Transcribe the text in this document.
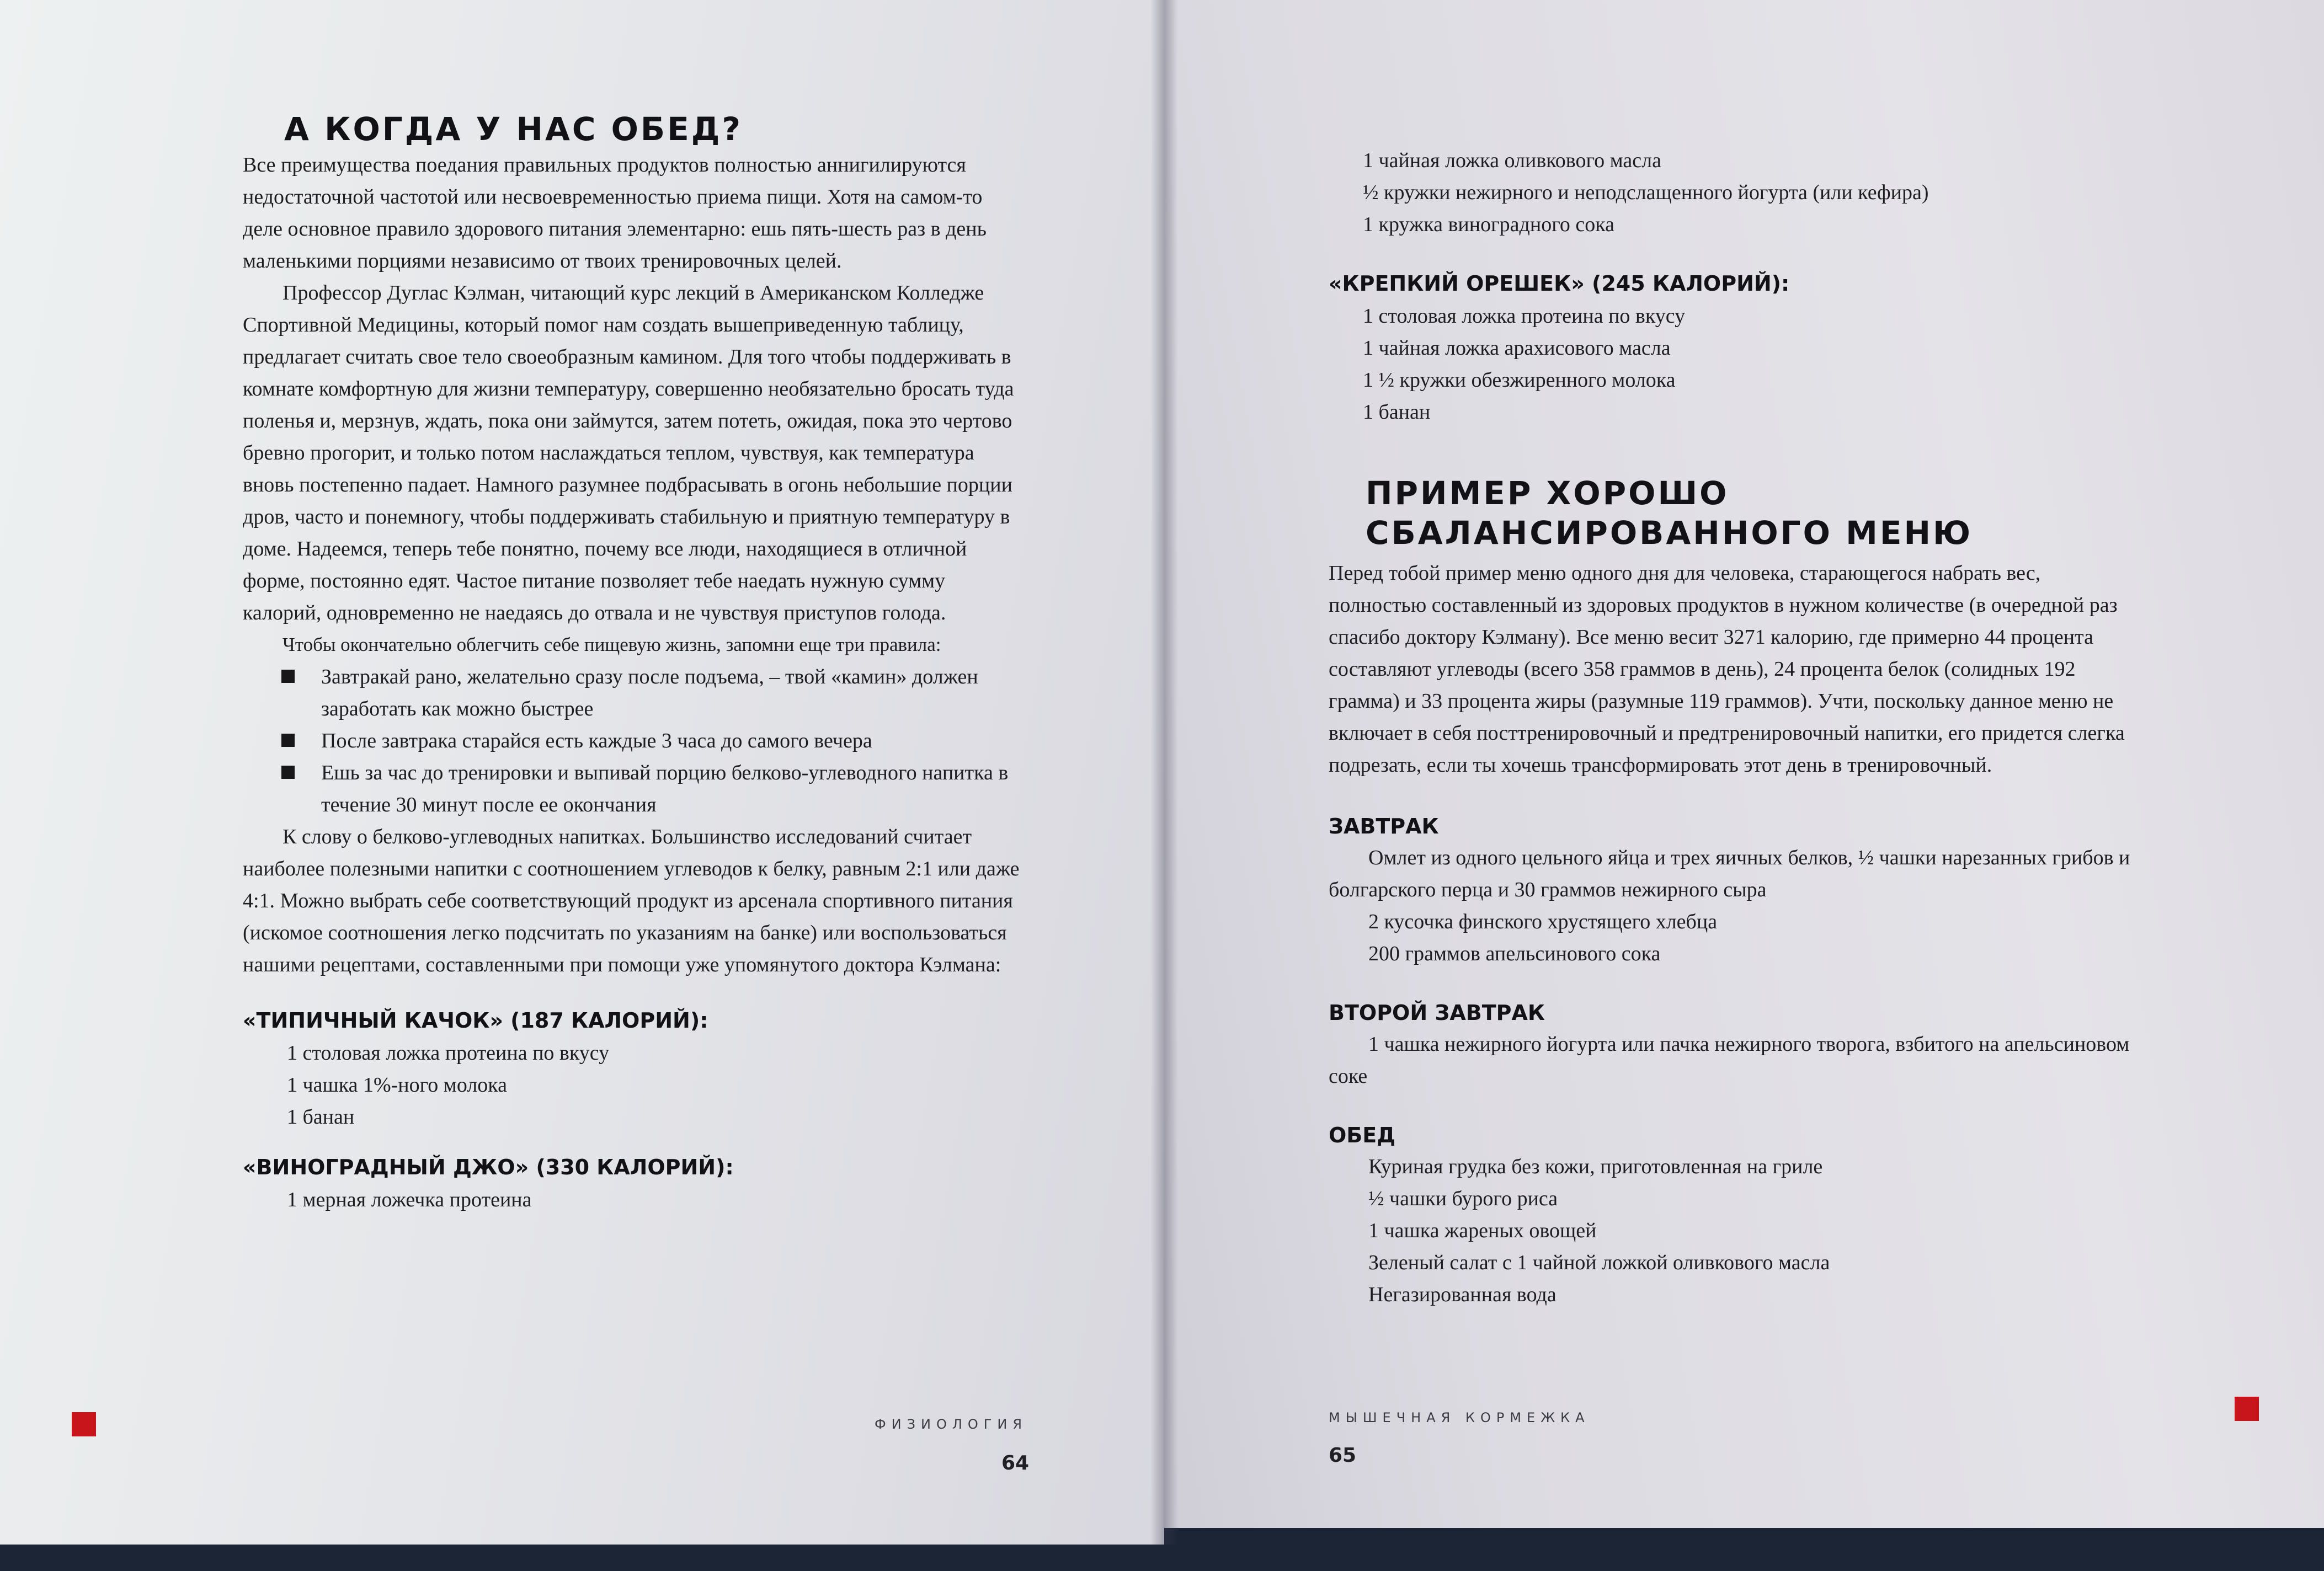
А КОГДА У НАС ОБЕД?

Все преимущества поедания правильных продуктов полностью аннигилируются недостаточной частотой или несвоевременностью приема пищи. Хотя на самом-то деле основное правило здорового питания элементарно: ешь пять-шесть раз в день маленькими порциями независимо от твоих тренировочных целей.

Профессор Дуглас Кэлман, читающий курс лекций в Американском Колледже Спортивной Медицины, который помог нам создать вышеприведенную таблицу, предлагает считать свое тело своеобразным камином. Для того чтобы поддерживать в комнате комфортную для жизни температуру, совершенно необязательно бросать туда поленья и, мерзнув, ждать, пока они займутся, затем потеть, ожидая, пока это чертово бревно прогорит, и только потом наслаждаться теплом, чувствуя, как температура вновь постепенно падает. Намного разумнее подбрасывать в огонь небольшие порции дров, часто и понемногу, чтобы поддерживать стабильную и приятную температуру в доме. Надеемся, теперь тебе понятно, почему все люди, находящиеся в отличной форме, постоянно едят. Частое питание позволяет тебе наедать нужную сумму калорий, одновременно не наедаясь до отвала и не чувствуя приступов голода.

Чтобы окончательно облегчить себе пищевую жизнь, запомни еще три правила:

Завтракай рано, желательно сразу после подъема, – твой «камин» должен заработать как можно быстрее
После завтрака старайся есть каждые 3 часа до самого вечера
Ешь за час до тренировки и выпивай порцию белково-углеводного напитка в течение 30 минут после ее окончания

К слову о белково-углеводных напитках. Большинство исследований считает наиболее полезными напитки с соотношением углеводов к белку, равным 2:1 или даже 4:1. Можно выбрать себе соответствующий продукт из арсенала спортивного питания (искомое соотношения легко подсчитать по указаниям на банке) или воспользоваться нашими рецептами, составленными при помощи уже упомянутого доктора Кэлмана:

«ТИПИЧНЫЙ КАЧОК» (187 КАЛОРИЙ):

1 столовая ложка протеина по вкусу

1 чашка 1%-ного молока

1 банан

«ВИНОГРАДНЫЙ ДЖО» (330 КАЛОРИЙ):

1 мерная ложечка протеина

ФИЗИОЛОГИЯ
64

1 чайная ложка оливкового масла

½ кружки нежирного и неподслащенного йогурта (или кефира)

1 кружка виноградного сока

«КРЕПКИЙ ОРЕШЕК» (245 КАЛОРИЙ):

1 столовая ложка протеина по вкусу

1 чайная ложка арахисового масла

1 ½ кружки обезжиренного молока

1 банан

ПРИМЕР ХОРОШО
СБАЛАНСИРОВАННОГО МЕНЮ

Перед тобой пример меню одного дня для человека, старающегося набрать вес, полностью составленный из здоровых продуктов в нужном количестве (в очередной раз спасибо доктору Кэлману). Все меню весит 3271 калорию, где примерно 44 процента составляют углеводы (всего 358 граммов в день), 24 процента белок (солидных 192 грамма) и 33 процента жиры (разумные 119 граммов). Учти, поскольку данное меню не включает в себя посттренировочный и предтренировочный напитки, его придется слегка подрезать, если ты хочешь трансформировать этот день в тренировочный.

ЗАВТРАК

Омлет из одного цельного яйца и трех яичных белков, ½ чашки нарезанных грибов и болгарского перца и 30 граммов нежирного сыра

2 кусочка финского хрустящего хлебца

200 граммов апельсинового сока

ВТОРОЙ ЗАВТРАК

1 чашка нежирного йогурта или пачка нежирного творога, взбитого на апельсиновом соке

ОБЕД

Куриная грудка без кожи, приготовленная на гриле

½ чашки бурого риса

1 чашка жареных овощей

Зеленый салат с 1 чайной ложкой оливкового масла

Негазированная вода

МЫШЕЧНАЯ КОРМЕЖКА
65
